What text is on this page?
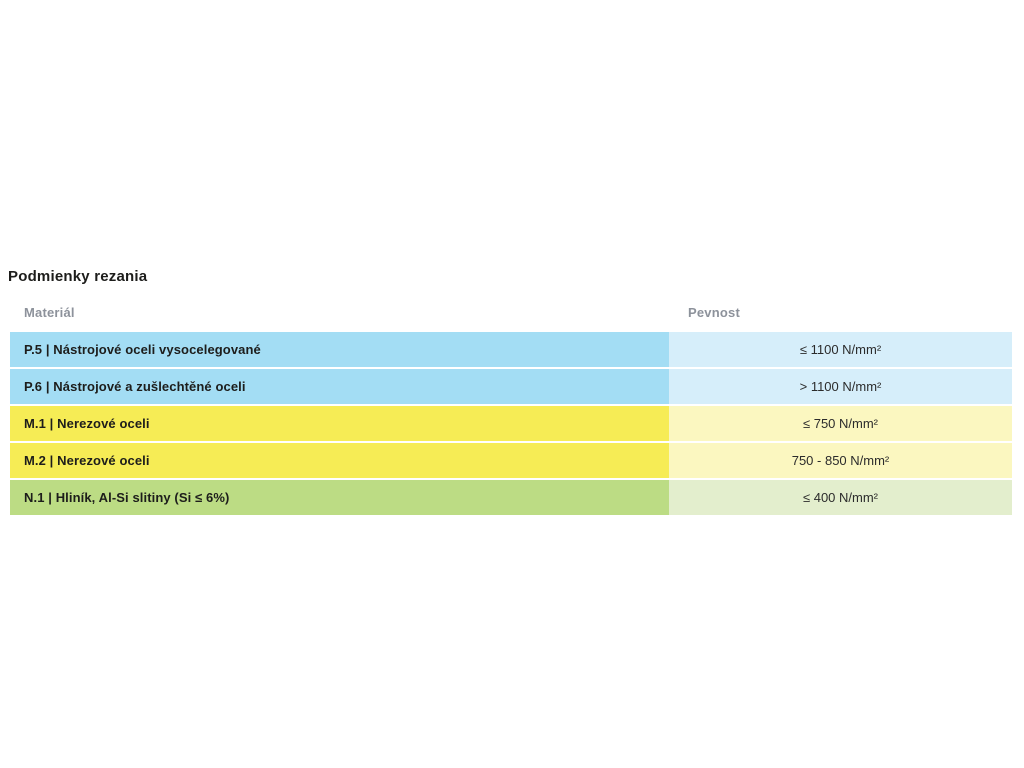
Podmienky rezania
Materiál	Pevnost
P.5 | Nástrojové oceli vysocelegované	≤ 1100 N/mm²
P.6 | Nástrojové a zušlechtěné oceli	> 1100 N/mm²
M.1 | Nerezové oceli	≤ 750 N/mm²
M.2 | Nerezové oceli	750 - 850 N/mm²
N.1 | Hliník, Al-Si slitiny (Si ≤ 6%)	≤ 400 N/mm²
